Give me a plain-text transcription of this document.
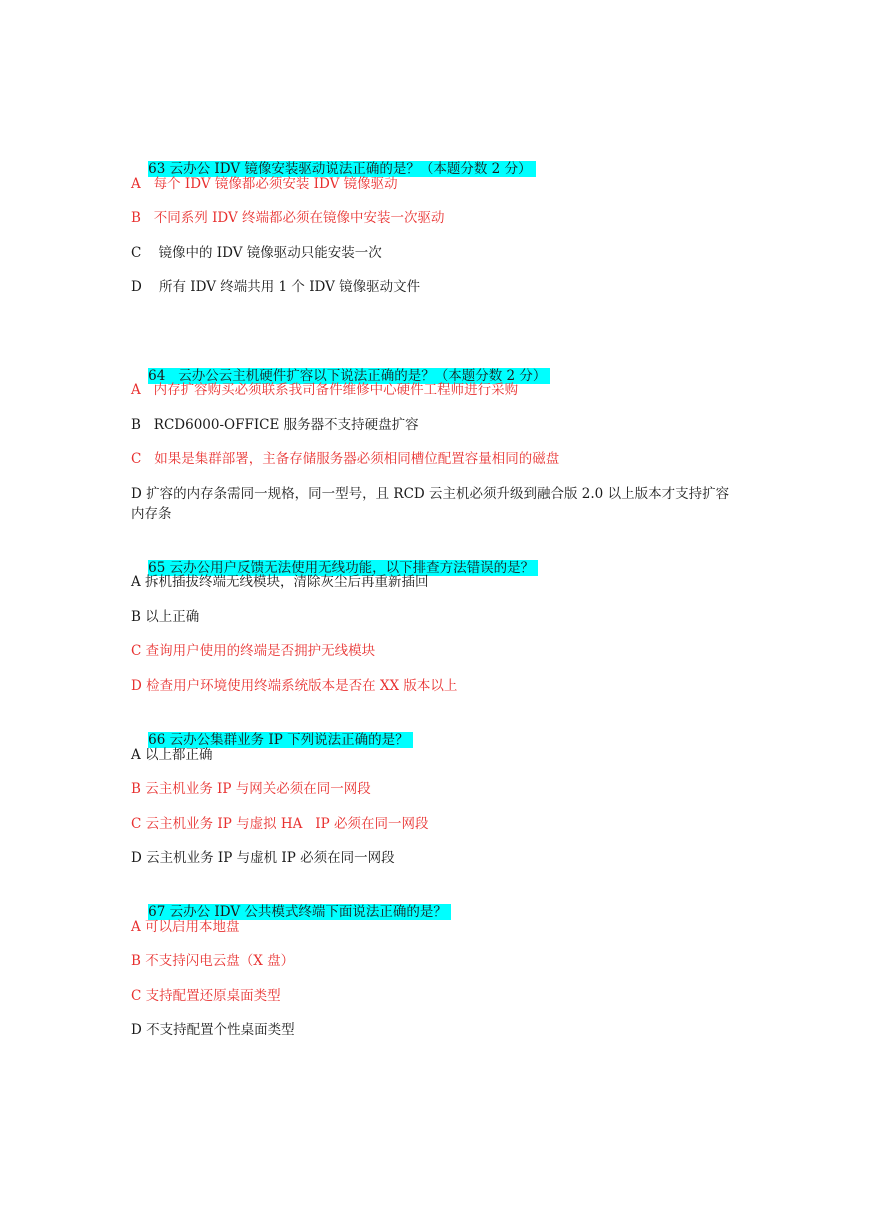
63 云办公 IDV 镜像安装驱动说法正确的是？（本题分数 2 分）

A   每个 IDV 镜像都必须安装 IDV 镜像驱动
B   不同系列 IDV 终端都必须在镜像中安装一次驱动
C    镜像中的 IDV 镜像驱动只能安装一次
D    所有 IDV 终端共用 1 个 IDV 镜像驱动文件

64   云办公云主机硬件扩容以下说法正确的是？（本题分数 2 分）

A   内存扩容购买必须联系我司备件维修中心硬件工程师进行采购
B   RCD6000-OFFICE 服务器不支持硬盘扩容
C   如果是集群部署，主备存储服务器必须相同槽位配置容量相同的磁盘
D 扩容的内存条需同一规格，同一型号，且 RCD 云主机必须升级到融合版 2.0 以上版本才支持扩容内存条

65 云办公用户反馈无法使用无线功能，以下排查方法错误的是？

A 拆机插拔终端无线模块，清除灰尘后再重新插回
B 以上正确
C 查询用户使用的终端是否拥护无线模块
D 检查用户环境使用终端系统版本是否在 XX 版本以上

66 云办公集群业务 IP 下列说法正确的是？

A 以上都正确
B 云主机业务 IP 与网关必须在同一网段
C 云主机业务 IP 与虚拟 HA   IP 必须在同一网段
D 云主机业务 IP 与虚机 IP 必须在同一网段

67 云办公 IDV 公共模式终端下面说法正确的是？

A 可以启用本地盘
B 不支持闪电云盘（X 盘）
C 支持配置还原桌面类型
D 不支持配置个性桌面类型
